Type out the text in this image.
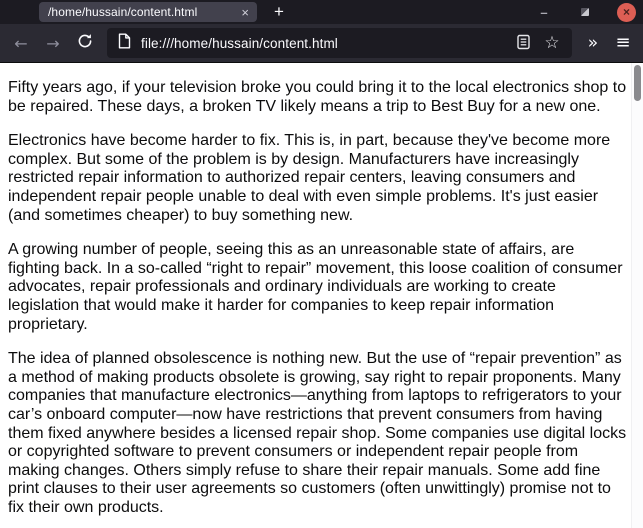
/home/hussain/content.html	×	+	–	×
← →	file:///home/hussain/content.html	☆ » ≡

Fifty years ago, if your television broke you could bring it to the local electronics shop to be repaired. These days, a broken TV likely means a trip to Best Buy for a new one.

Electronics have become harder to fix. This is, in part, because they've become more complex. But some of the problem is by design. Manufacturers have increasingly restricted repair information to authorized repair centers, leaving consumers and independent repair people unable to deal with even simple problems. It's just easier (and sometimes cheaper) to buy something new.

A growing number of people, seeing this as an unreasonable state of affairs, are fighting back. In a so-called “right to repair” movement, this loose coalition of consumer advocates, repair professionals and ordinary individuals are working to create legislation that would make it harder for companies to keep repair information proprietary.

The idea of planned obsolescence is nothing new. But the use of “repair prevention” as a method of making products obsolete is growing, say right to repair proponents. Many companies that manufacture electronics—anything from laptops to refrigerators to your car’s onboard computer—now have restrictions that prevent consumers from having them fixed anywhere besides a licensed repair shop. Some companies use digital locks or copyrighted software to prevent consumers or independent repair people from making changes. Others simply refuse to share their repair manuals. Some add fine print clauses to their user agreements so customers (often unwittingly) promise not to fix their own products.
